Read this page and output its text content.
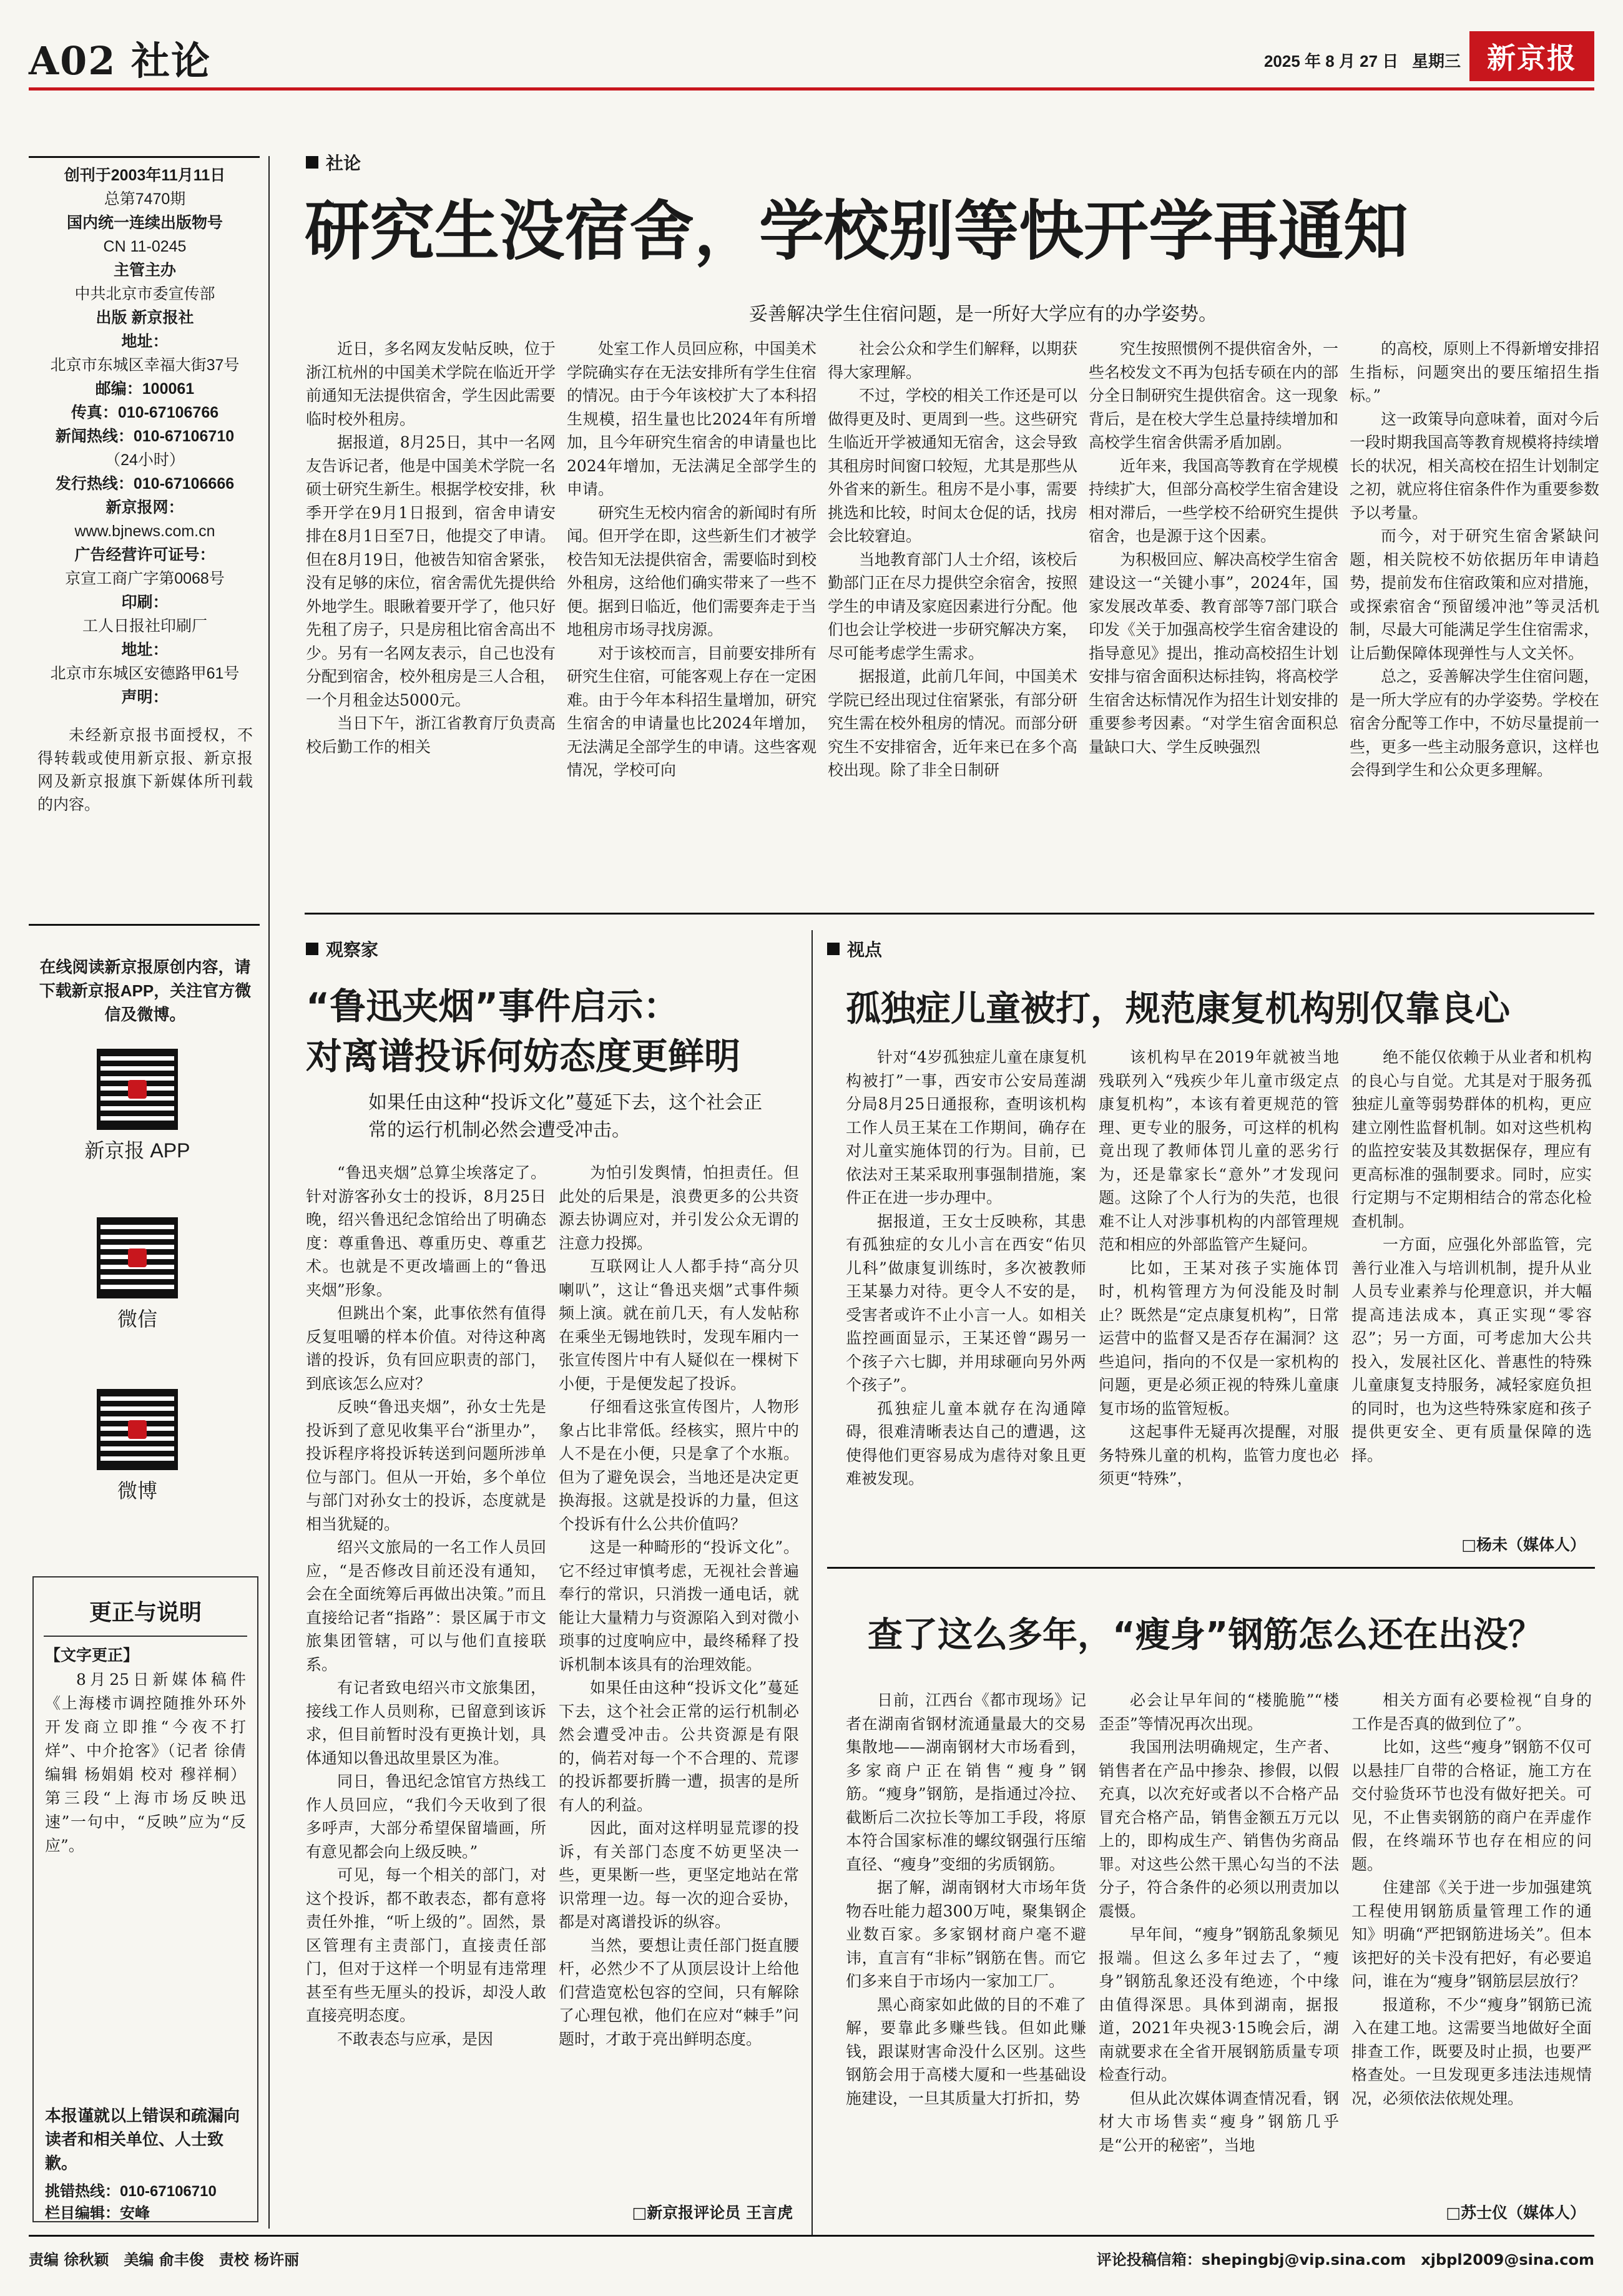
A02 社论	2025 年 8 月 27 日 星期三 新京报

创刊于2003年11月11日

总第7470期

国内统一连续出版物号

CN 11-0245

主管主办

中共北京市委宣传部

出版 新京报社

地址：

北京市东城区幸福大街37号

邮编：100061

传真：010-67106766

新闻热线：010-67106710

（24小时）

发行热线：010-67106666

新京报网：

www.bjnews.com.cn

广告经营许可证号：

京宣工商广字第0068号

印刷：

工人日报社印刷厂

地址：

北京市东城区安德路甲61号

声明：

未经新京报书面授权，不得转载或使用新京报、新京报网及新京报旗下新媒体所刊载的内容。
在线阅读新京报原创内容，请下载新京报APP，关注官方微信及微博。
新京报 APP
微信
微博
更正与说明
【文字更正】
8月25日新媒体稿件《上海楼市调控随推外环外 开发商立即推“今夜不打烊”、中介抢客》（记者 徐倩 编辑 杨娟娟 校对 穆祥桐）第三段“上海市场反映迅速”一句中，“反映”应为“反应”。
本报谨就以上错误和疏漏向读者和相关单位、人士致歉。
挑错热线：010-67106710
栏目编辑：安峰
社论
研究生没宿舍，学校别等快开学再通知
妥善解决学生住宿问题，是一所好大学应有的办学姿势。

近日，多名网友发帖反映，位于浙江杭州的中国美术学院在临近开学前通知无法提供宿舍，学生因此需要临时校外租房。

据报道，8月25日，其中一名网友告诉记者，他是中国美术学院一名硕士研究生新生。根据学校安排，秋季开学在9月1日报到，宿舍申请安排在8月1日至7日，他提交了申请。但在8月19日，他被告知宿舍紧张，没有足够的床位，宿舍需优先提供给外地学生。眼瞅着要开学了，他只好先租了房子，只是房租比宿舍高出不少。另有一名网友表示，自己也没有分配到宿舍，校外租房是三人合租，一个月租金达5000元。

当日下午，浙江省教育厅负责高校后勤工作的相关

处室工作人员回应称，中国美术学院确实存在无法安排所有学生住宿的情况。由于今年该校扩大了本科招生规模，招生量也比2024年有所增加，且今年研究生宿舍的申请量也比2024年增加，无法满足全部学生的申请。

研究生无校内宿舍的新闻时有所闻。但开学在即，这些新生们才被学校告知无法提供宿舍，需要临时到校外租房，这给他们确实带来了一些不便。据到日临近，他们需要奔走于当地租房市场寻找房源。

对于该校而言，目前要安排所有研究生住宿，可能客观上存在一定困难。由于今年本科招生量增加，研究生宿舍的申请量也比2024年增加，无法满足全部学生的申请。这些客观情况，学校可向

社会公众和学生们解释，以期获得大家理解。

不过，学校的相关工作还是可以做得更及时、更周到一些。这些研究生临近开学被通知无宿舍，这会导致其租房时间窗口较短，尤其是那些从外省来的新生。租房不是小事，需要挑选和比较，时间太仓促的话，找房会比较窘迫。

当地教育部门人士介绍，该校后勤部门正在尽力提供空余宿舍，按照学生的申请及家庭因素进行分配。他们也会让学校进一步研究解决方案，尽可能考虑学生需求。

据报道，此前几年间，中国美术学院已经出现过住宿紧张，有部分研究生需在校外租房的情况。而部分研究生不安排宿舍，近年来已在多个高校出现。除了非全日制研

究生按照惯例不提供宿舍外，一些名校发文不再为包括专硕在内的部分全日制研究生提供宿舍。这一现象背后，是在校大学生总量持续增加和高校学生宿舍供需矛盾加剧。

近年来，我国高等教育在学规模持续扩大，但部分高校学生宿舍建设相对滞后，一些学校不给研究生提供宿舍，也是源于这个因素。

为积极回应、解决高校学生宿舍建设这一“关键小事”，2024年，国家发展改革委、教育部等7部门联合印发《关于加强高校学生宿舍建设的指导意见》提出，推动高校招生计划安排与宿舍面积达标挂钩，将高校学生宿舍达标情况作为招生计划安排的重要参考因素。“对学生宿舍面积总量缺口大、学生反映强烈

的高校，原则上不得新增安排招生指标，问题突出的要压缩招生指标。”

这一政策导向意味着，面对今后一段时期我国高等教育规模将持续增长的状况，相关高校在招生计划制定之初，就应将住宿条件作为重要参数予以考量。

而今，对于研究生宿舍紧缺问题，相关院校不妨依据历年申请趋势，提前发布住宿政策和应对措施，或探索宿舍“预留缓冲池”等灵活机制，尽最大可能满足学生住宿需求，让后勤保障体现弹性与人文关怀。

总之，妥善解决学生住宿问题，是一所大学应有的办学姿势。学校在宿舍分配等工作中，不妨尽量提前一些，更多一些主动服务意识，这样也会得到学生和公众更多理解。

观察家
“鲁迅夹烟”事件启示：
对离谱投诉何妨态度更鲜明
如果任由这种“投诉文化”蔓延下去，这个社会正常的运行机制必然会遭受冲击。

“鲁迅夹烟”总算尘埃落定了。针对游客孙女士的投诉，8月25日晚，绍兴鲁迅纪念馆给出了明确态度：尊重鲁迅、尊重历史、尊重艺术。也就是不更改墙画上的“鲁迅夹烟”形象。

但跳出个案，此事依然有值得反复咀嚼的样本价值。对待这种离谱的投诉，负有回应职责的部门，到底该怎么应对？

反映“鲁迅夹烟”，孙女士先是投诉到了意见收集平台“浙里办”，投诉程序将投诉转送到问题所涉单位与部门。但从一开始，多个单位与部门对孙女士的投诉，态度就是相当犹疑的。

绍兴文旅局的一名工作人员回应，“是否修改目前还没有通知，会在全面统筹后再做出决策。”而且直接给记者“指路”：景区属于市文旅集团管辖，可以与他们直接联系。

有记者致电绍兴市文旅集团，接线工作人员则称，已留意到该诉求，但目前暂时没有更换计划，具体通知以鲁迅故里景区为准。

同日，鲁迅纪念馆官方热线工作人员回应，“我们今天收到了很多呼声，大部分希望保留墙画，所有意见都会向上级反映。”

可见，每一个相关的部门，对这个投诉，都不敢表态，都有意将责任外推，“听上级的”。固然，景区管理有主责部门，直接责任部门，但对于这样一个明显有违常理甚至有些无厘头的投诉，却没人敢直接亮明态度。

不敢表态与应承，是因

为怕引发舆情，怕担责任。但此处的后果是，浪费更多的公共资源去协调应对，并引发公众无谓的注意力投掷。

互联网让人人都手持“高分贝喇叭”，这让“鲁迅夹烟”式事件频频上演。就在前几天，有人发帖称在乘坐无锡地铁时，发现车厢内一张宣传图片中有人疑似在一棵树下小便，于是便发起了投诉。

仔细看这张宣传图片，人物形象占比非常低。经核实，照片中的人不是在小便，只是拿了个水瓶。但为了避免误会，当地还是决定更换海报。这就是投诉的力量，但这个投诉有什么公共价值吗？

这是一种畸形的“投诉文化”。它不经过审慎考虑，无视社会普遍奉行的常识，只消拨一通电话，就能让大量精力与资源陷入到对微小琐事的过度响应中，最终稀释了投诉机制本该具有的治理效能。

如果任由这种“投诉文化”蔓延下去，这个社会正常的运行机制必然会遭受冲击。公共资源是有限的，倘若对每一个不合理的、荒谬的投诉都要折腾一遭，损害的是所有人的利益。

因此，面对这样明显荒谬的投诉，有关部门态度不妨更坚决一些，更果断一些，更坚定地站在常识常理一边。每一次的迎合妥协，都是对离谱投诉的纵容。

当然，要想让责任部门挺直腰杆，必然少不了从顶层设计上给他们营造宽松包容的空间，只有解除了心理包袱，他们在应对“棘手”问题时，才敢于亮出鲜明态度。

□新京报评论员 王言虎
视点
孤独症儿童被打，规范康复机构别仅靠良心

针对“4岁孤独症儿童在康复机构被打”一事，西安市公安局莲湖分局8月25日通报称，查明该机构工作人员王某在工作期间，确存在对儿童实施体罚的行为。目前，已依法对王某采取刑事强制措施，案件正在进一步办理中。

据报道，王女士反映称，其患有孤独症的女儿小言在西安“佑贝儿科”做康复训练时，多次被教师王某暴力对待。更令人不安的是，受害者或许不止小言一人。如相关监控画面显示，王某还曾“踢另一个孩子六七脚，并用球砸向另外两个孩子”。

孤独症儿童本就存在沟通障碍，很难清晰表达自己的遭遇，这使得他们更容易成为虐待对象且更难被发现。

该机构早在2019年就被当地残联列入“残疾少年儿童市级定点康复机构”，本该有着更规范的管理、更专业的服务，可这样的机构竟出现了教师体罚儿童的恶劣行为，还是靠家长“意外”才发现问题。这除了个人行为的失范，也很难不让人对涉事机构的内部管理规范和相应的外部监管产生疑问。

比如，王某对孩子实施体罚时，机构管理方为何没能及时制止？既然是“定点康复机构”，日常运营中的监督又是否存在漏洞？这些追问，指向的不仅是一家机构的问题，更是必须正视的特殊儿童康复市场的监管短板。

这起事件无疑再次提醒，对服务特殊儿童的机构，监管力度也必须更“特殊”，

绝不能仅依赖于从业者和机构的良心与自觉。尤其是对于服务孤独症儿童等弱势群体的机构，更应建立刚性监督机制。如对这些机构的监控安装及其数据保存，理应有更高标准的强制要求。同时，应实行定期与不定期相结合的常态化检查机制。

一方面，应强化外部监管，完善行业准入与培训机制，提升从业人员专业素养与伦理意识，并大幅提高违法成本，真正实现“零容忍”；另一方面，可考虑加大公共投入，发展社区化、普惠性的特殊儿童康复支持服务，减轻家庭负担的同时，也为这些特殊家庭和孩子提供更安全、更有质量保障的选择。

□杨未（媒体人）
查了这么多年，“瘦身”钢筋怎么还在出没？

日前，江西台《都市现场》记者在湖南省钢材流通量最大的交易集散地——湖南钢材大市场看到，多家商户正在销售“瘦身”钢筋。“瘦身”钢筋，是指通过冷拉、截断后二次拉长等加工手段，将原本符合国家标准的螺纹钢强行压缩直径、“瘦身”变细的劣质钢筋。

据了解，湖南钢材大市场年货物吞吐能力超300万吨，聚集钢企业数百家。多家钢材商户毫不避讳，直言有“非标”钢筋在售。而它们多来自于市场内一家加工厂。

黑心商家如此做的目的不难了解，要靠此多赚些钱。但如此赚钱，跟谋财害命没什么区别。这些钢筋会用于高楼大厦和一些基础设施建设，一旦其质量大打折扣，势

必会让早年间的“楼脆脆”“楼歪歪”等情况再次出现。

我国刑法明确规定，生产者、销售者在产品中掺杂、掺假，以假充真，以次充好或者以不合格产品冒充合格产品，销售金额五万元以上的，即构成生产、销售伪劣商品罪。对这些公然干黑心勾当的不法分子，符合条件的必须以刑责加以震慑。

早年间，“瘦身”钢筋乱象频见报端。但这么多年过去了，“瘦身”钢筋乱象还没有绝迹，个中缘由值得深思。具体到湖南，据报道，2021年央视3·15晚会后，湖南就要求在全省开展钢筋质量专项检查行动。

但从此次媒体调查情况看，钢材大市场售卖“瘦身”钢筋几乎是“公开的秘密”，当地

相关方面有必要检视“自身的工作是否真的做到位了”。

比如，这些“瘦身”钢筋不仅可以悬挂厂自带的合格证，施工方在交付验货环节也没有做好把关。可见，不止售卖钢筋的商户在弄虚作假，在终端环节也存在相应的问题。

住建部《关于进一步加强建筑工程使用钢筋质量管理工作的通知》明确“严把钢筋进场关”。但本该把好的关卡没有把好，有必要追问，谁在为“瘦身”钢筋层层放行？

报道称，不少“瘦身”钢筋已流入在建工地。这需要当地做好全面排查工作，既要及时止损，也要严格查处。一旦发现更多违法违规情况，必须依法依规处理。

□苏士仪（媒体人）
责编 徐秋颖　美编 俞丰俊　责校 杨许丽	评论投稿信箱：shepingbj@vip.sina.com　xjbpl2009@sina.com
